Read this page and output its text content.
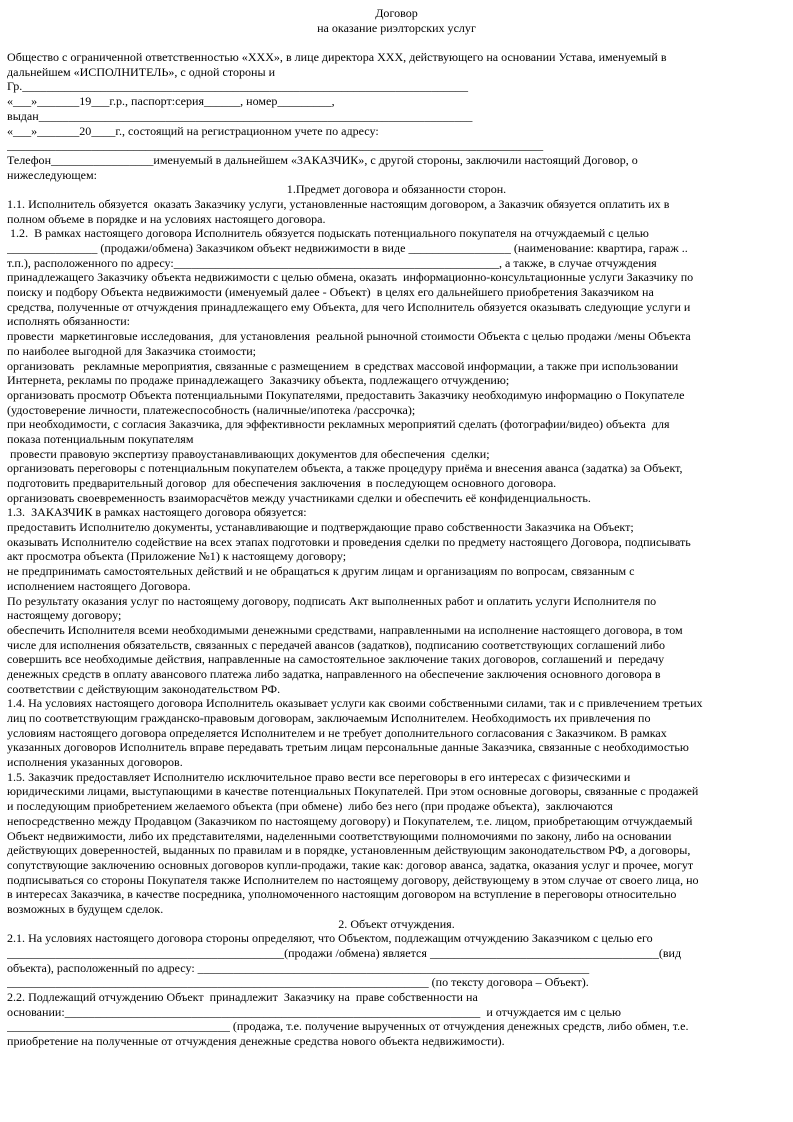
Договор
на оказание риэлторских услуг

Общество с ограниченной ответственностью «ХХХ», в лице директора ХХХ, действующего на основании Устава, именуемый в
дальнейшем «ИСПОЛНИТЕЛЬ», с одной стороны и
Гр.__________________________________________________________________________
«___»_______19___г.р., паспорт:серия______, номер_________,
выдан________________________________________________________________________
«___»_______20____г., состоящий на регистрационном учете по адресу:
_________________________________________________________________________________________
Телефон_________________именуемый в дальнейшем «ЗАКАЗЧИК», с другой стороны, заключили настоящий Договор, о
нижеследующем:
1.Предмет договора и обязанности сторон.
1.1. Исполнитель обязуется  оказать Заказчику услуги, установленные настоящим договором, а Заказчик обязуется оплатить их в
полном объеме в порядке и на условиях настоящего договора.
1.2.  В рамках настоящего договора Исполнитель обязуется подыскать потенциального покупателя на отчуждаемый с целью
_______________ (продажи/обмена) Заказчиком объект недвижимости в виде _________________ (наименование: квартира, гараж ..
т.п.), расположенного по адресу:______________________________________________________, а также, в случае отчуждения
принадлежащего Заказчику объекта недвижимости с целью обмена, оказать  информационно-консультационные услуги Заказчику по
поиску и подбору Объекта недвижимости (именуемый далее - Объект)  в целях его дальнейшего приобретения Заказчиком на
средства, полученные от отчуждения принадлежащего ему Объекта, для чего Исполнитель обязуется оказывать следующие услуги и
исполнять обязанности:
провести  маркетинговые исследования,  для установления  реальной рыночной стоимости Объекта с целью продажи /мены Объекта
по наиболее выгодной для Заказчика стоимости;
организовать   рекламные мероприятия, связанные с размещением  в средствах массовой информации, а также при использовании
Интернета, рекламы по продаже принадлежащего  Заказчику объекта, подлежащего отчуждению;
организовать просмотр Объекта потенциальными Покупателями, предоставить Заказчику необходимую информацию о Покупателе
(удостоверение личности, платежеспособность (наличные/ипотека /рассрочка);
при необходимости, с согласия Заказчика, для эффективности рекламных мероприятий сделать (фотографии/видео) объекта  для
показа потенциальным покупателям
провести правовую экспертизу правоустанавливающих документов для обеспечения  сделки;
организовать переговоры с потенциальным покупателем объекта, а также процедуру приёма и внесения аванса (задатка) за Объект,
подготовить предварительный договор  для обеспечения заключения  в последующем основного договора.
организовать своевременность взаиморасчётов между участниками сделки и обеспечить её конфиденциальность.
1.3.  ЗАКАЗЧИК в рамках настоящего договора обязуется:
предоставить Исполнителю документы, устанавливающие и подтверждающие право собственности Заказчика на Объект;
оказывать Исполнителю содействие на всех этапах подготовки и проведения сделки по предмету настоящего Договора, подписывать
акт просмотра объекта (Приложение №1) к настоящему договору;
не предпринимать самостоятельных действий и не обращаться к другим лицам и организациям по вопросам, связанным с
исполнением настоящего Договора.
По результату оказания услуг по настоящему договору, подписать Акт выполненных работ и оплатить услуги Исполнителя по
настоящему договору;
обеспечить Исполнителя всеми необходимыми денежными средствами, направленными на исполнение настоящего договора, в том
числе для исполнения обязательств, связанных с передачей авансов (задатков), подписанию соответствующих соглашений либо
совершить все необходимые действия, направленные на самостоятельное заключение таких договоров, соглашений и  передачу
денежных средств в оплату авансового платежа либо задатка, направленного на обеспечение заключения основного договора в
соответствии с действующим законодательством РФ.
1.4. На условиях настоящего договора Исполнитель оказывает услуги как своими собственными силами, так и с привлечением третьих
лиц по соответствующим гражданско-правовым договорам, заключаемым Исполнителем. Необходимость их привлечения по
условиям настоящего договора определяется Исполнителем и не требует дополнительного согласования с Заказчиком. В рамках
указанных договоров Исполнитель вправе передавать третьим лицам персональные данные Заказчика, связанные с необходимостью
исполнения указанных договоров.
1.5. Заказчик предоставляет Исполнителю исключительное право вести все переговоры в его интересах с физическими и
юридическими лицами, выступающими в качестве потенциальных Покупателей. При этом основные договоры, связанные с продажей
и последующим приобретением желаемого объекта (при обмене)  либо без него (при продаже объекта),  заключаются
непосредственно между Продавцом (Заказчиком по настоящему договору) и Покупателем, т.е. лицом, приобретающим отчуждаемый
Объект недвижимости, либо их представителями, наделенными соответствующими полномочиями по закону, либо на основании
действующих доверенностей, выданных по правилам и в порядке, установленным действующим законодательством РФ, а договоры,
сопутствующие заключению основных договоров купли-продажи, такие как: договор аванса, задатка, оказания услуг и прочее, могут
подписываться со стороны Покупателя также Исполнителем по настоящему договору, действующему в этом случае от своего лица, но
в интересах Заказчика, в качестве посредника, уполномоченного настоящим договором на вступление в переговоры относительно
возможных в будущем сделок.
2. Объект отчуждения.
2.1. На условиях настоящего договора стороны определяют, что Объектом, подлежащим отчуждению Заказчиком с целью его
______________________________________________(продажи /обмена) является ______________________________________(вид
объекта), расположенный по адресу: _________________________________________________________________
______________________________________________________________________ (по тексту договора – Объект).
2.2. Подлежащий отчуждению Объект  принадлежит  Заказчику на  праве собственности на
основании:_____________________________________________________________________  и отчуждается им с целью
_____________________________________ (продажа, т.е. получение вырученных от отчуждения денежных средств, либо обмен, т.е.
приобретение на полученные от отчуждения денежные средства нового объекта недвижимости).
